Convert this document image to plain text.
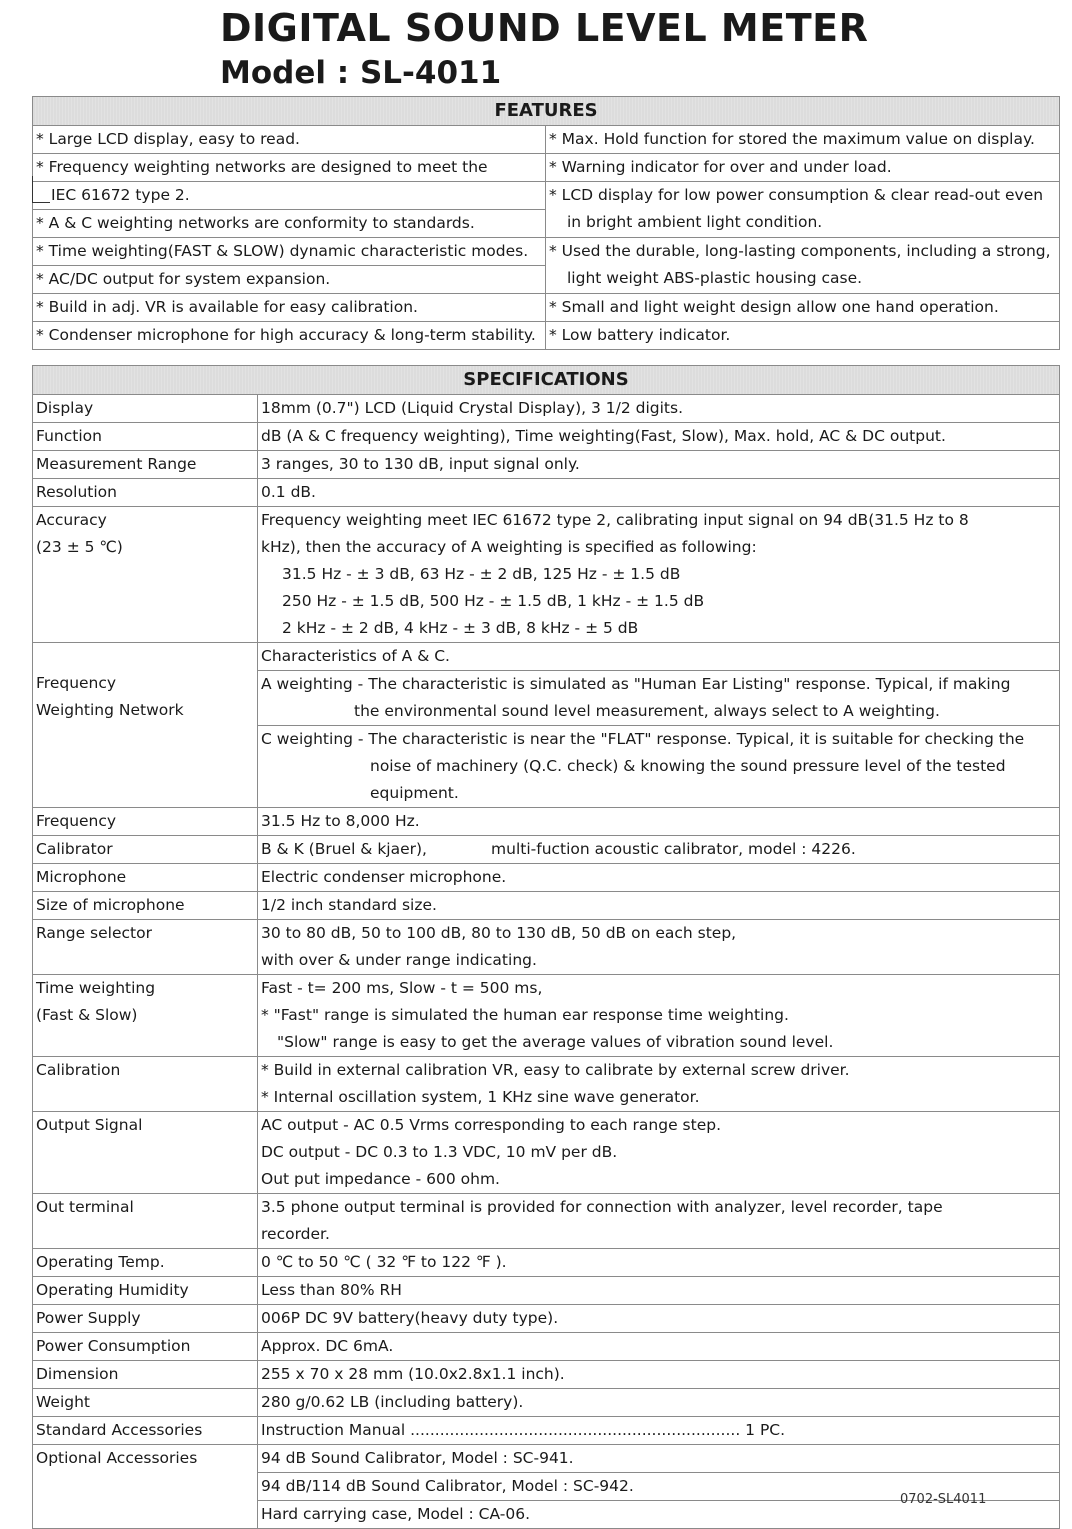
DIGITAL SOUND LEVEL METER
Model : SL-4011
FEATURES	
* Large LCD display, easy to read.	* Max. Hold function for stored the maximum value on display.
* Frequency weighting networks are designed to meet the	* Warning indicator for over and under load.
IEC 61672 type 2.	* LCD display for low power consumption & clear read-out even
in bright ambient light condition.

* A & C weighting networks are conformity to standards.	
* Time weighting(FAST & SLOW) dynamic characteristic modes.	* Used the durable, long-lasting components, including a strong,
light weight ABS-plastic housing case.

* AC/DC output for system expansion.	
* Build in adj. VR is available for easy calibration.	* Small and light weight design allow one hand operation.
* Condenser microphone for high accuracy & long-term stability.	* Low battery indicator.
SPECIFICATIONS	
Display	18mm (0.7") LCD (Liquid Crystal Display), 3 1/2 digits.
Function	dB (A & C frequency weighting), Time weighting(Fast, Slow), Max. hold, AC & DC output.
Measurement Range	3 ranges, 30 to 130 dB, input signal only.
Resolution	0.1 dB.

Accuracy
(23 ± 5 ℃)	Frequency weighting meet IEC 61672 type 2, calibrating input signal on 94 dB(31.5 Hz to 8
kHz), then the accuracy of A weighting is specified as following:
31.5 Hz - ± 3 dB, 63 Hz - ± 2 dB, 125 Hz - ± 1.5 dB
250 Hz - ± 1.5 dB, 500 Hz - ± 1.5 dB, 1 kHz - ± 1.5 dB
2 kHz - ± 2 dB, 4 kHz - ± 3 dB, 8 kHz - ± 5 dB

Frequency
Weighting Network	Characteristics of A & C.

	A weighting - The characteristic is simulated as "Human Ear Listing" response. Typical, if making
the environmental sound level measurement, always select to A weighting.

	C weighting - The characteristic is near the "FLAT" response. Typical, it is suitable for checking the
noise of machinery (Q.C. check) & knowing the sound pressure level of the tested
equipment.

Frequency	31.5 Hz to 8,000 Hz.
Calibrator	B & K (Bruel & kjaer),             multi-fuction acoustic calibrator, model : 4226.
Microphone	Electric condenser microphone.
Size of microphone	1/2 inch standard size.
Range selector	30 to 80 dB, 50 to 100 dB, 80 to 130 dB, 50 dB on each step,
with over & under range indicating.

Time weighting
(Fast & Slow)	Fast - t= 200 ms, Slow - t = 500 ms,
* "Fast" range is simulated the human ear response time weighting.
"Slow" range is easy to get the average values of vibration sound level.

Calibration	* Build in external calibration VR, easy to calibrate by external screw driver.
* Internal oscillation system, 1 KHz sine wave generator.

Output Signal	AC output - AC 0.5 Vrms corresponding to each range step.
DC output - DC 0.3 to 1.3 VDC, 10 mV per dB.
Out put impedance - 600 ohm.

Out terminal	3.5 phone output terminal is provided for connection with analyzer, level recorder, tape
recorder.

Operating Temp.	0 ℃ to 50 ℃ ( 32 ℉ to 122 ℉ ).
Operating Humidity	Less than 80% RH
Power Supply	006P DC 9V battery(heavy duty type).
Power Consumption	Approx. DC 6mA.
Dimension	255 x 70 x 28 mm (10.0x2.8x1.1 inch).
Weight	280 g/0.62 LB (including battery).
Standard Accessories	Instruction Manual ................................................................... 1 PC.
Optional Accessories	94 dB Sound Calibrator, Model : SC-941.
	94 dB/114 dB Sound Calibrator, Model : SC-942.
	Hard carrying case, Model : CA-06.
0702-SL4011
